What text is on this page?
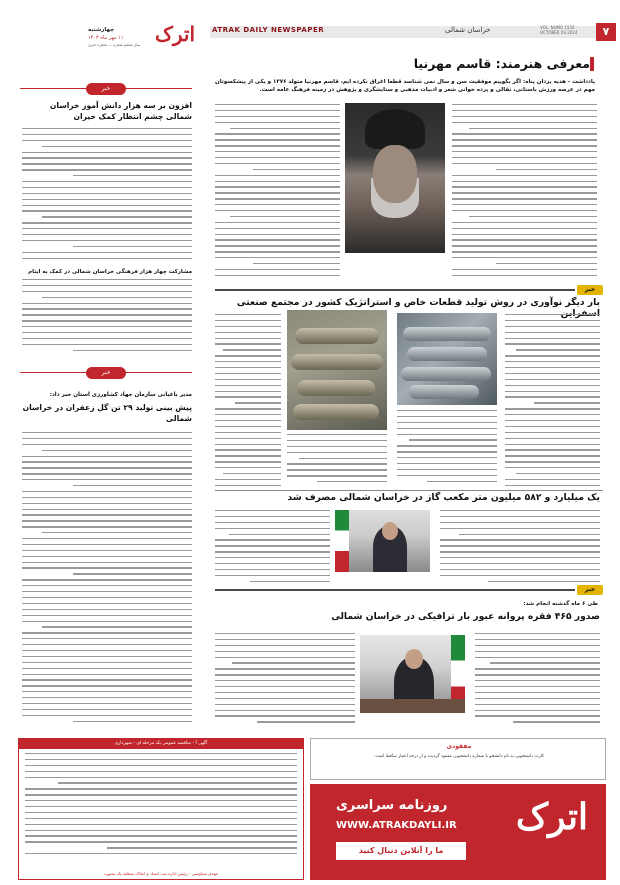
ATRAK DAILY NEWSPAPER	خراسان شمالی	VOL. NUMO 1554
OCTOBER 03.2024	۷
اترک
چهارشنبه
۱۱ مهر ماه ۱۴۰۳
سال ششم شماره — شماره خبری
خبر
افزون بر سه هزار دانش آموز خراسان شمالی چشم انتظار کمک خیران
مشارکت چهار هزار فرهنگی خراسان شمالی در کمک به ایتام
خبر
مدیر باغبانی سازمان جهاد کشاورزی استان خبر داد:
پیش بینی تولید ۲۹ تن گل زعفران در خراسان شمالی
معرفی هنرمند: قاسم مهرنیا
یادداشت - هدیه یزدان پناه: اگر بگوییم موفقیت سن و سال نمی شناسد قطعا اغراق نکرده ایم، قاسم مهرنیا متولد ۱۳۷۶ و یکی از پیشکسوتان مهم در عرصه ورزش باستانی، نقالی و پرده خوانی شعر و ادبیات مذهبی و ستایشگری و پژوهش در زمینه فرهنگ عامه است.
خبر
بار دیگر نوآوری در روش تولید قطعات خاص و استراتژیک کشور در مجتمع صنعتی
یک میلیارد و ۵۸۲ میلیون متر مکعب گاز در خراسان شمالی مصرف شد
خبر
طی ۶ ماه گذشته انجام شد:
صدور ۴۶۵ فقره پروانه عبور بار ترافیکی در خراسان شمالی
آگهی آ - مناقصه عمومی یک مرحله ای - شهرداری
مهدی سیاوشی - رئیس اداره ثبت اسناد و املاک منطقه یک بجنورد
مفقودی
کارت دانشجویی به نام دانشجو با شماره دانشجویی مفقود گردیده و از درجه اعتبار ساقط است.
اترک
روزنامه سراسری
WWW.ATRAKDAYLI.IR
ما را آنلاین دنبال کنید
